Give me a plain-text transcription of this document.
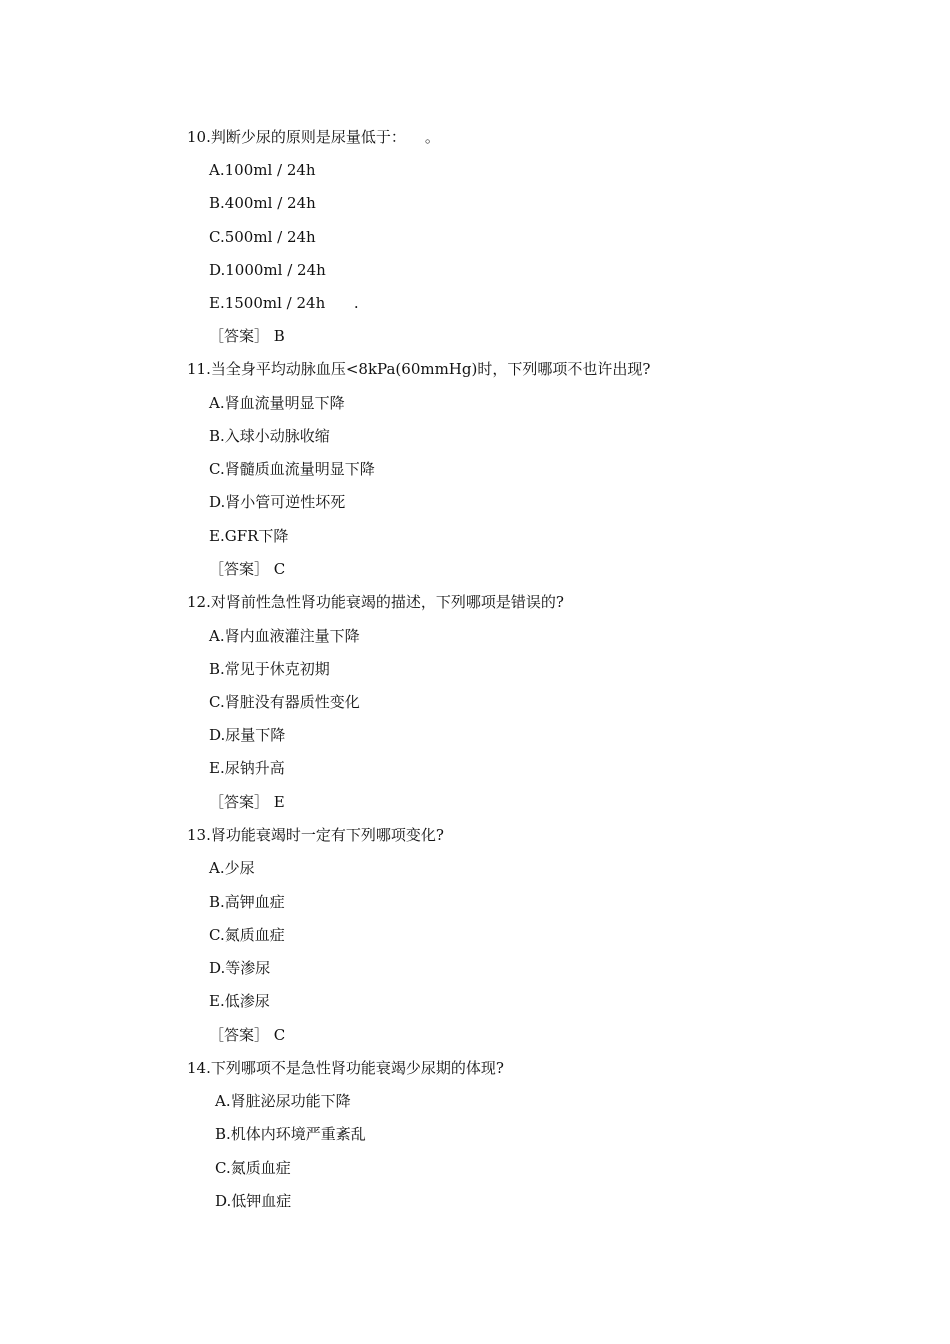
10.判断少尿的原则是尿量低于：    。
A.100ml / 24h
B.400ml / 24h
C.500ml / 24h
D.1000ml / 24h
E.1500ml / 24h      .
［答案］ B
11.当全身平均动脉血压<8kPa(60mmHg)时，下列哪项不也许出现?
A.肾血流量明显下降
B.入球小动脉收缩
C.肾髓质血流量明显下降
D.肾小管可逆性坏死
E.GFR下降
［答案］ C
12.对肾前性急性肾功能衰竭的描述，下列哪项是错误的?
A.肾内血液灌注量下降
B.常见于休克初期
C.肾脏没有器质性变化
D.尿量下降
E.尿钠升高
［答案］ E
13.肾功能衰竭时一定有下列哪项变化?
A.少尿
B.高钾血症
C.氮质血症
D.等渗尿
E.低渗尿
［答案］ C
14.下列哪项不是急性肾功能衰竭少尿期的体现?
A.肾脏泌尿功能下降
B.机体内环境严重紊乱
C.氮质血症
D.低钾血症
